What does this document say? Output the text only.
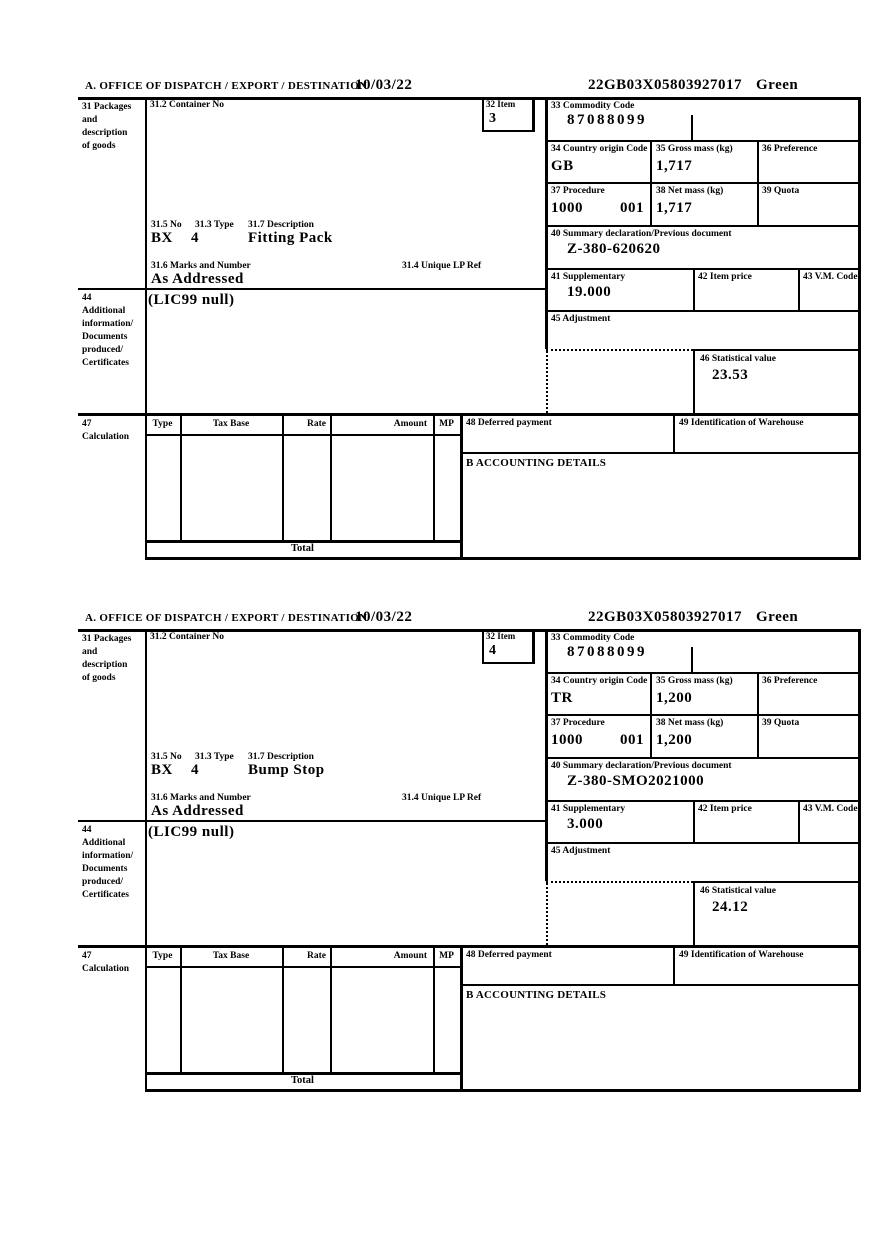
A. OFFICE OF DISPATCH / EXPORT / DESTINATION
10/03/22	22GB03X05803927017 Green
31 Packages
and
description
of goods
31.2 Container No	32 Item
3
31.5 No 31.3 Type 31.7 Description
BX 4	Fitting Pack
31.6 Marks and Number	31.4 Unique LP Ref
As Addressed
44
Additional
information/
Documents
produced/
Certificates
(LIC99 null)
33 Commodity Code
87088099
34 Country origin Code
GB
35 Gross mass (kg)
1,717
36 Preference
37 Procedure
1000 001
38 Net mass (kg)
1,717
39 Quota
40 Summary declaration/Previous document
Z-380-620620
41 Supplementary
19.000
42 Item price	43 V.M. Code
45 Adjustment
46 Statistical value
23.53
47
Calculation
Type	Tax Base	Rate	Amount	MP	48 Deferred payment	49 Identification of Warehouse
B ACCOUNTING DETAILS
Total
A. OFFICE OF DISPATCH / EXPORT / DESTINATION
10/03/22	22GB03X05803927017 Green
31 Packages
and
description
of goods
31.2 Container No	32 Item
4
31.5 No 31.3 Type 31.7 Description
BX 4	Bump Stop
31.6 Marks and Number	31.4 Unique LP Ref
As Addressed
44
Additional
information/
Documents
produced/
Certificates
(LIC99 null)
33 Commodity Code
87088099
34 Country origin Code
TR
35 Gross mass (kg)
1,200
36 Preference
37 Procedure
1000 001
38 Net mass (kg)
1,200
39 Quota
40 Summary declaration/Previous document
Z-380-SMO2021000
41 Supplementary
3.000
42 Item price	43 V.M. Code
45 Adjustment
46 Statistical value
24.12
47
Calculation
Type	Tax Base	Rate	Amount	MP	48 Deferred payment	49 Identification of Warehouse
B ACCOUNTING DETAILS
Total
